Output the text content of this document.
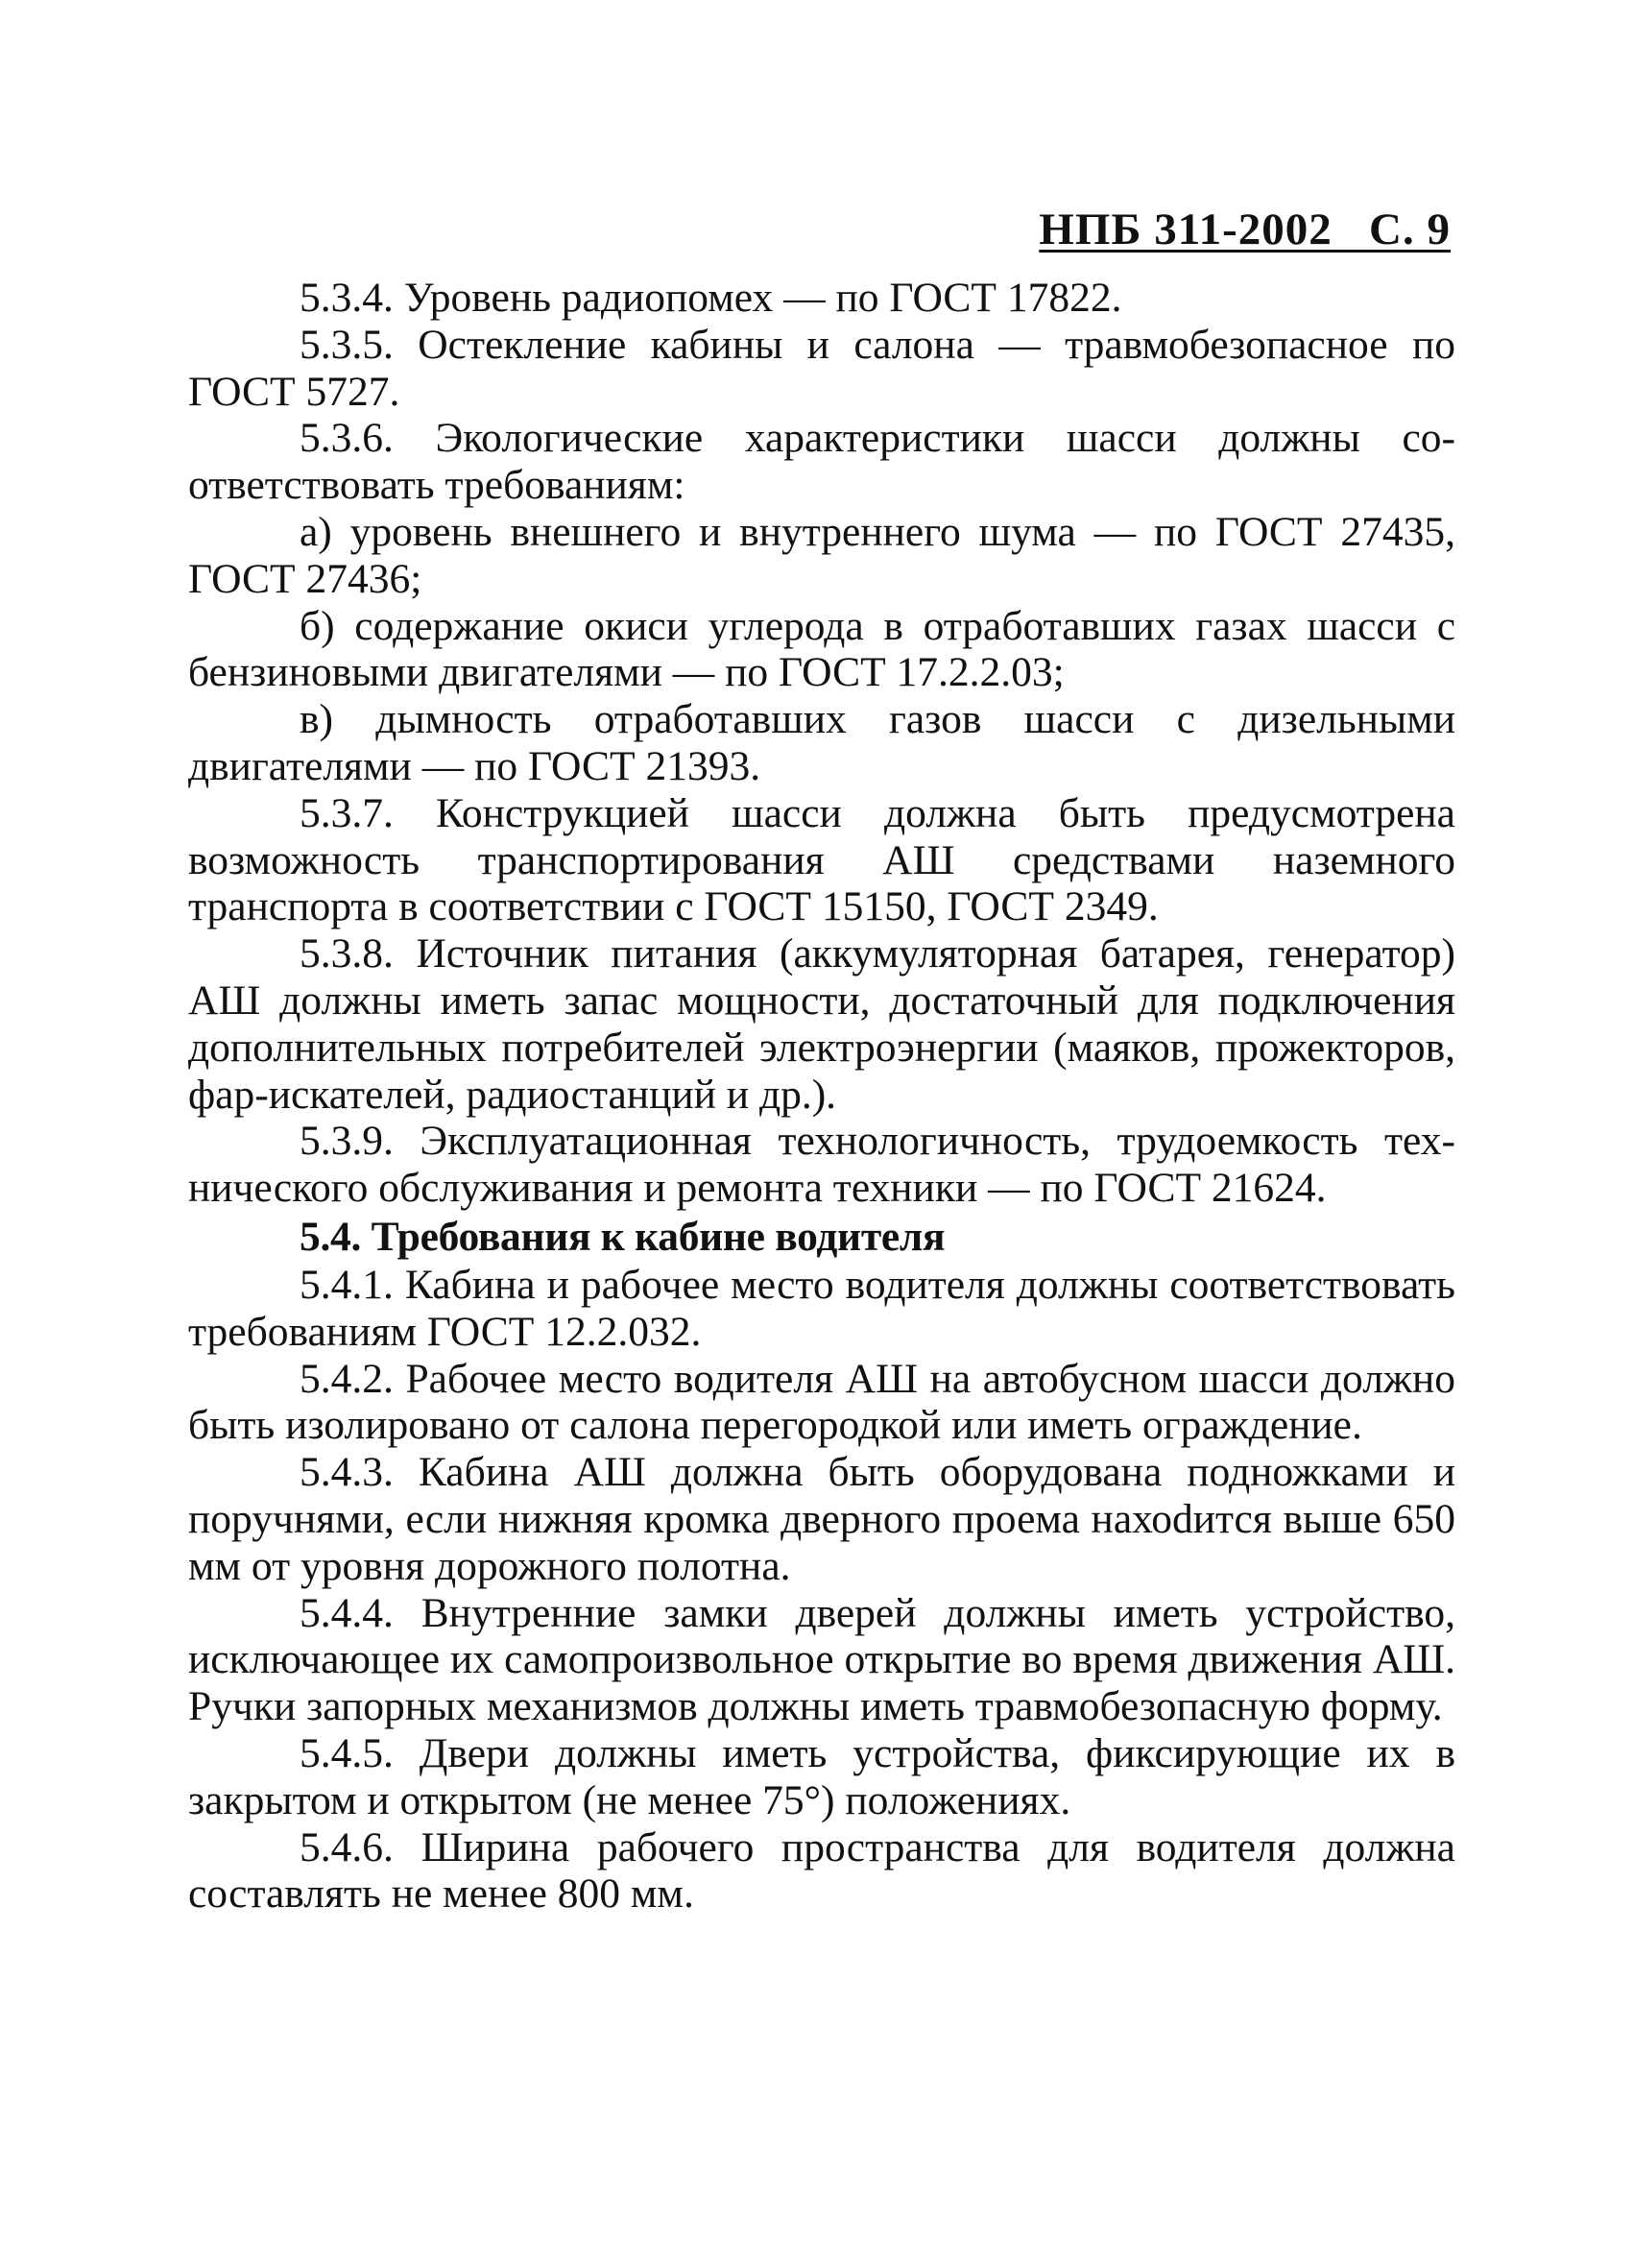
НПБ 311-2002   С. 9

5.3.4. Уровень радиопомех — по ГОСТ 17822.

5.3.5. Остекление кабины и салона — травмобезопасное по ГОСТ 5727.

5.3.6. Экологические характеристики шасси должны соответствовать требованиям:

а) уровень внешнего и внутреннего шума — по ГОСТ 27435, ГОСТ 27436;

б) содержание окиси углерода в отработавших газах шасси с бензиновыми двигателями — по ГОСТ 17.2.2.03;

в) дымность отработавших газов шасси с дизельными двигателями — по ГОСТ 21393.

5.3.7. Конструкцией шасси должна быть предусмотрена возможность транспортирования АШ средствами наземного транспорта в соответствии с ГОСТ 15150, ГОСТ 2349.

5.3.8. Источник питания (аккумуляторная батарея, генератор) АШ должны иметь запас мощности, достаточный для подключения дополнительных потребителей электроэнергии (маяков, прожекторов, фар-искателей, радиостанций и др.).

5.3.9. Эксплуатационная технологичность, трудоемкость технического обслуживания и ремонта техники — по ГОСТ 21624.

5.4. Требования к кабине водителя

5.4.1. Кабина и рабочее место водителя должны соответствовать требованиям ГОСТ 12.2.032.

5.4.2. Рабочее место водителя АШ на автобусном шасси должно быть изолировано от салона перегородкой или иметь ограждение.

5.4.3. Кабина АШ должна быть оборудована подножками и поручнями, если нижняя кромка дверного проема нахоdится выше 650 мм от уровня дорожного полотна.

5.4.4. Внутренние замки дверей должны иметь устройство, исключающее их самопроизвольное открытие во время движения АШ. Ручки запорных механизмов должны иметь травмобезопасную форму.

5.4.5. Двери должны иметь устройства, фиксирующие их в закрытом и открытом (не менее 75°) положениях.

5.4.6. Ширина рабочего пространства для водителя должна составлять не менее 800 мм.
